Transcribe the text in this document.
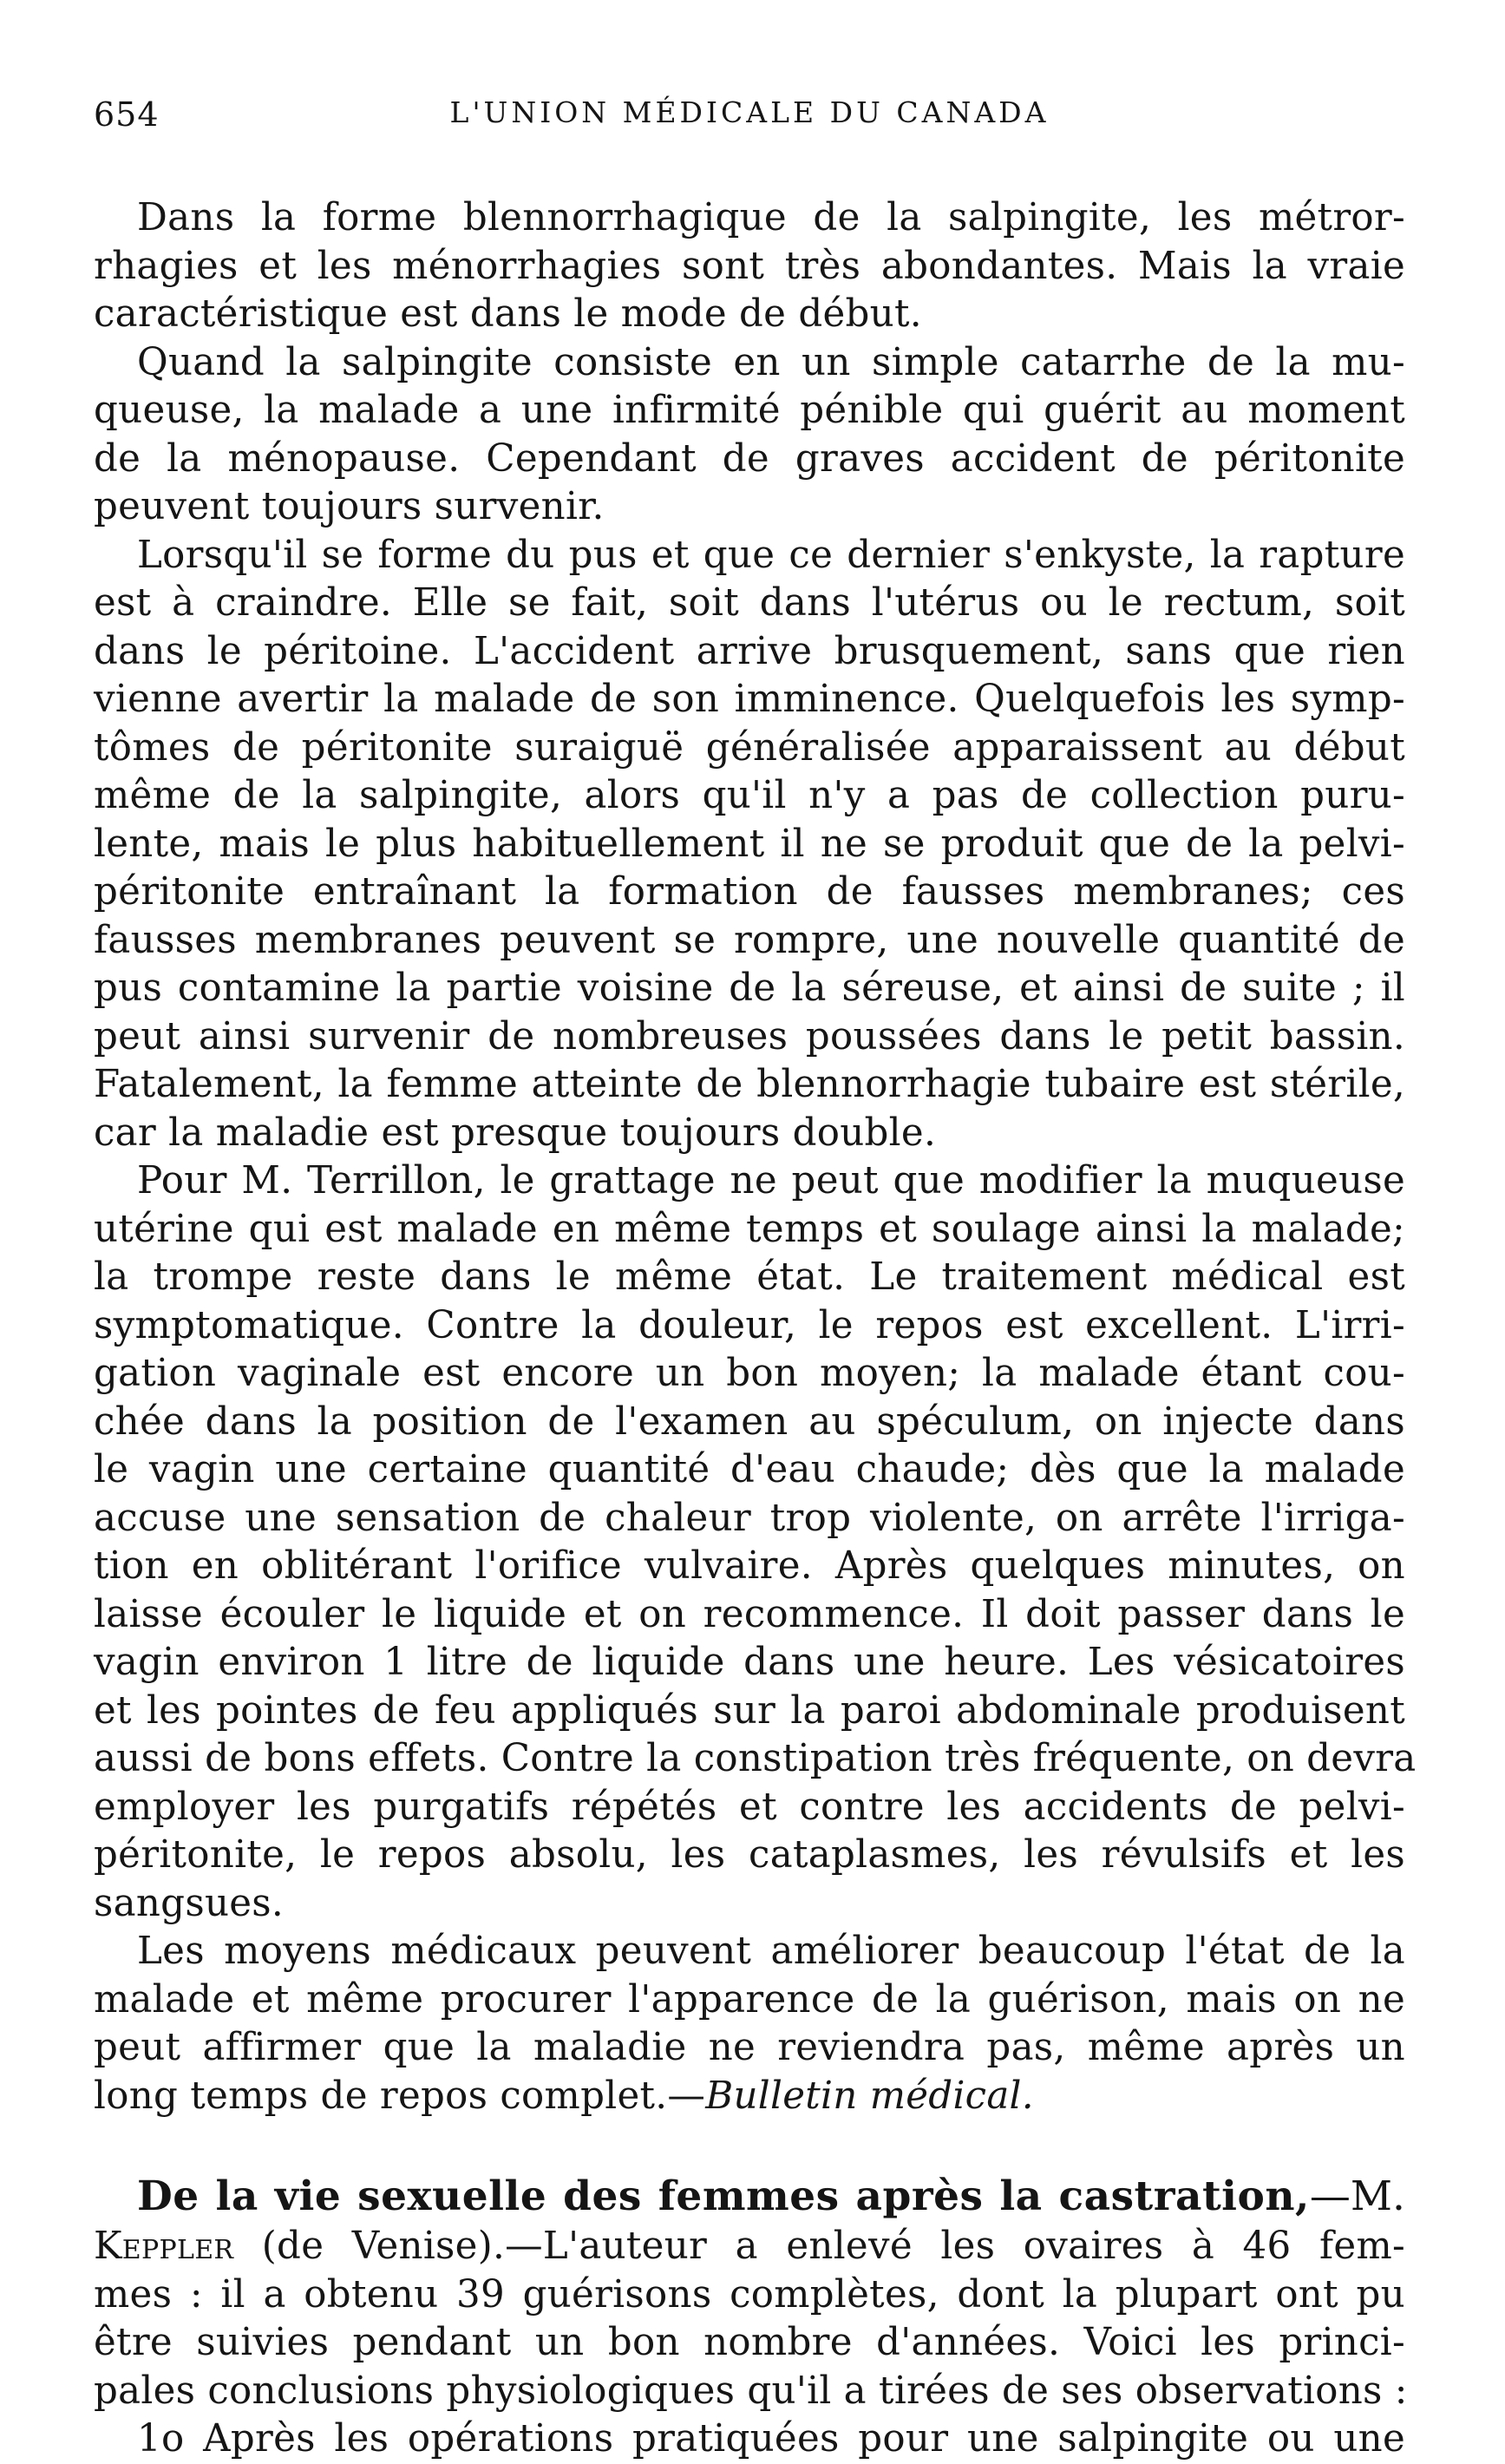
654	L'UNION MÉDICALE DU CANADA
Dans la forme blennorrhagique de la salpingite, les métror-
rhagies et les ménorrhagies sont très abondantes. Mais la vraie
caractéristique est dans le mode de début.
Quand la salpingite consiste en un simple catarrhe de la mu-
queuse, la malade a une infirmité pénible qui guérit au moment
de la ménopause. Cependant de graves accident de péritonite
peuvent toujours survenir.
Lorsqu'il se forme du pus et que ce dernier s'enkyste, la rapture
est à craindre. Elle se fait, soit dans l'utérus ou le rectum, soit
dans le péritoine. L'accident arrive brusquement, sans que rien
vienne avertir la malade de son imminence. Quelquefois les symp-
tômes de péritonite suraiguë généralisée apparaissent au début
même de la salpingite, alors qu'il n'y a pas de collection puru-
lente, mais le plus habituellement il ne se produit que de la pelvi-
péritonite entraînant la formation de fausses membranes; ces
fausses membranes peuvent se rompre, une nouvelle quantité de
pus contamine la partie voisine de la séreuse, et ainsi de suite ; il
peut ainsi survenir de nombreuses poussées dans le petit bassin.
Fatalement, la femme atteinte de blennorrhagie tubaire est stérile,
car la maladie est presque toujours double.
Pour M. Terrillon, le grattage ne peut que modifier la muqueuse
utérine qui est malade en même temps et soulage ainsi la malade;
la trompe reste dans le même état. Le traitement médical est
symptomatique. Contre la douleur, le repos est excellent. L'irri-
gation vaginale est encore un bon moyen; la malade étant cou-
chée dans la position de l'examen au spéculum, on injecte dans
le vagin une certaine quantité d'eau chaude; dès que la malade
accuse une sensation de chaleur trop violente, on arrête l'irriga-
tion en oblitérant l'orifice vulvaire. Après quelques minutes, on
laisse écouler le liquide et on recommence. Il doit passer dans le
vagin environ 1 litre de liquide dans une heure. Les vésicatoires
et les pointes de feu appliqués sur la paroi abdominale produisent
aussi de bons effets. Contre la constipation très fréquente, on devra
employer les purgatifs répétés et contre les accidents de pelvi-
péritonite, le repos absolu, les cataplasmes, les révulsifs et les
sangsues.
Les moyens médicaux peuvent améliorer beaucoup l'état de la
malade et même procurer l'apparence de la guérison, mais on ne
peut affirmer que la maladie ne reviendra pas, même après un
long temps de repos complet.—Bulletin médical.
De la vie sexuelle des femmes après la castration,—M.
Keppler (de Venise).—L'auteur a enlevé les ovaires à 46 fem-
mes : il a obtenu 39 guérisons complètes, dont la plupart ont pu
être suivies pendant un bon nombre d'années. Voici les princi-
pales conclusions physiologiques qu'il a tirées de ses observations :
1o Après les opérations pratiquées pour une salpingite ou une
